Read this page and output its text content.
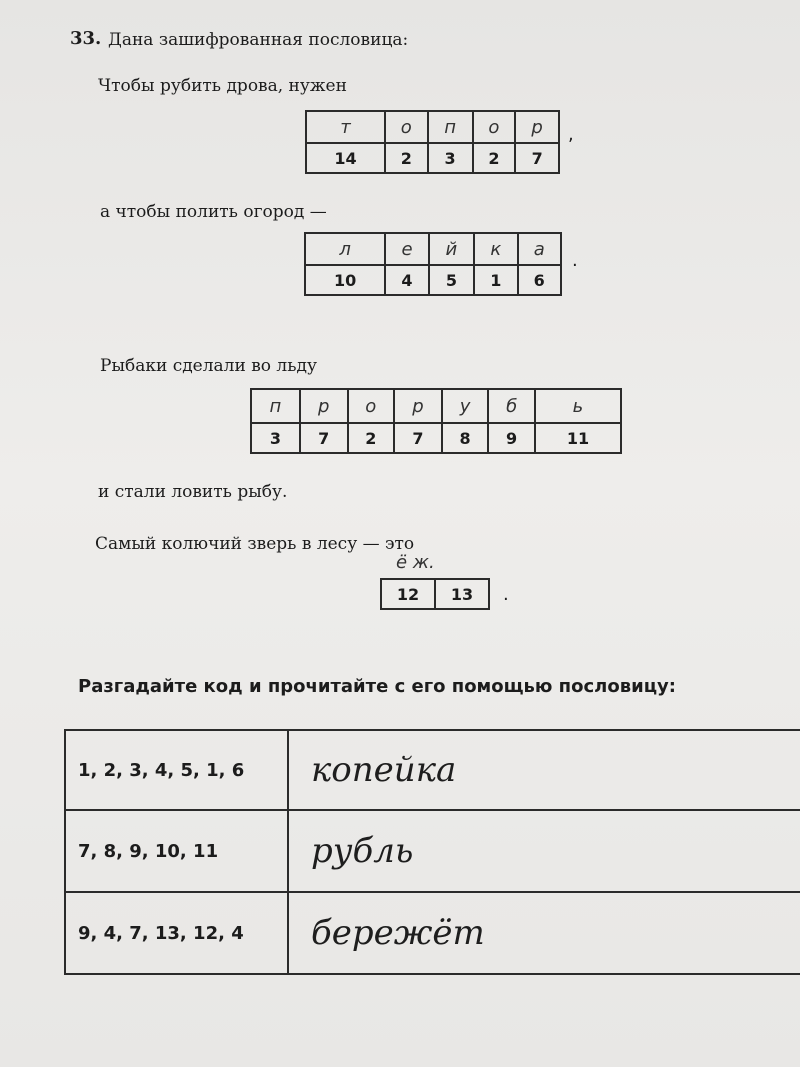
33. Дана зашифрованная пословица:
Чтобы рубить дрова, нужен
т	о	п	о	р
14	2	3	2	7
,
а чтобы полить огород —
л	е	й	к	а
10	4	5	1	6
.
Рыбаки сделали во льду
п	р	о	р	у	б	ь
3	7	2	7	8	9	11
и стали ловить рыбу.
Самый колючий зверь в лесу — это
ё ж.
12	13 .
Разгадайте код и прочитайте с его помощью пословицу:
1, 2, 3, 4, 5, 1, 6	копейка
7, 8, 9, 10, 11	рубль
9, 4, 7, 13, 12, 4	бережёт
